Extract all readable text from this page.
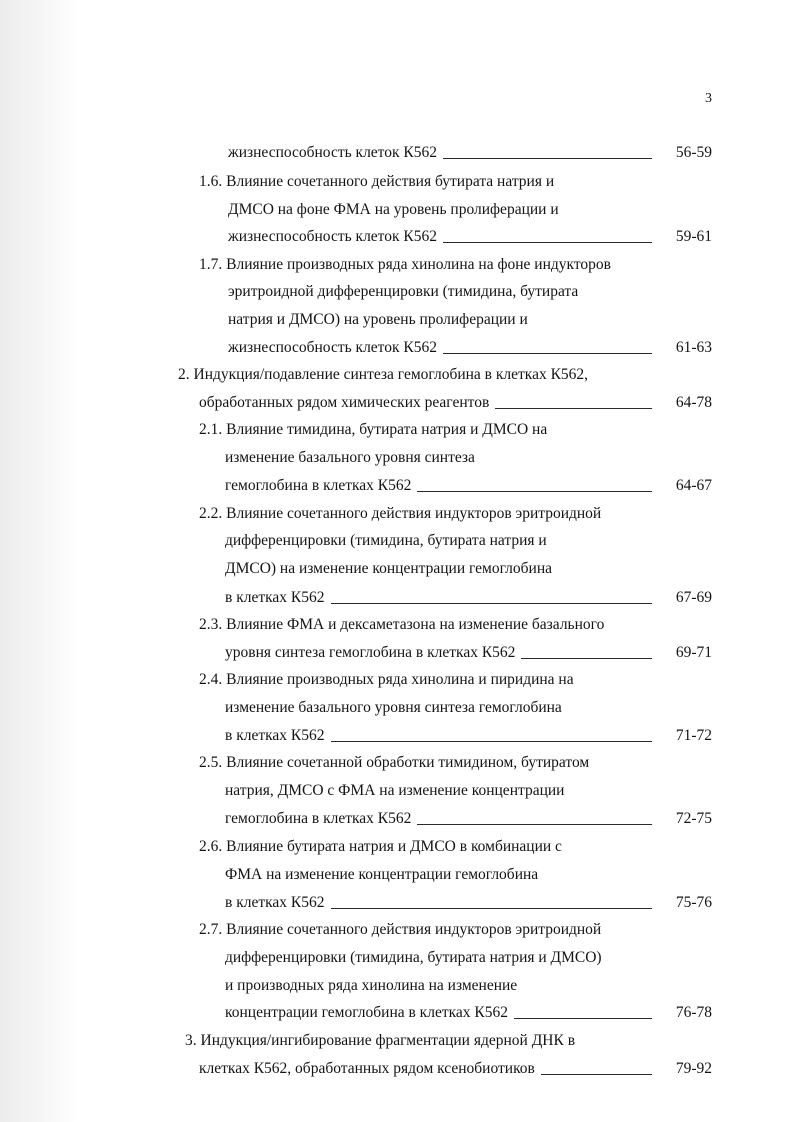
3
жизнеспособность клеток К562	56-59
1.6. Влияние сочетанного действия бутирата натрия и
ДМСО на фоне ФМА на уровень пролиферации и
жизнеспособность клеток К562	59-61
1.7. Влияние производных ряда хинолина на фоне индукторов
эритроидной дифференцировки (тимидина, бутирата
натрия и ДМСО) на уровень пролиферации и
жизнеспособность клеток К562	61-63
2. Индукция/подавление синтеза гемоглобина в клетках К562,
обработанных рядом химических реагентов	64-78
2.1. Влияние тимидина, бутирата натрия и ДМСО на
изменение базального уровня синтеза
гемоглобина в клетках К562	64-67
2.2. Влияние сочетанного действия индукторов эритроидной
дифференцировки (тимидина, бутирата натрия и
ДМСО) на изменение концентрации гемоглобина
в клетках К562	67-69
2.3. Влияние ФМА и дексаметазона на изменение базального
уровня синтеза гемоглобина в клетках К562	69-71
2.4. Влияние производных ряда хинолина и пиридина на
изменение базального уровня синтеза гемоглобина
в клетках К562	71-72
2.5. Влияние сочетанной обработки тимидином, бутиратом
натрия, ДМСО с ФМА на изменение концентрации
гемоглобина в клетках К562	72-75
2.6. Влияние бутирата натрия и ДМСО в комбинации с
ФМА на изменение концентрации гемоглобина
в клетках К562	75-76
2.7. Влияние сочетанного действия индукторов эритроидной
дифференцировки (тимидина, бутирата натрия и ДМСО)
и производных ряда хинолина на изменение
концентрации гемоглобина в клетках К562	76-78
3. Индукция/ингибирование фрагментации ядерной ДНК в
клетках К562, обработанных рядом ксенобиотиков	79-92
